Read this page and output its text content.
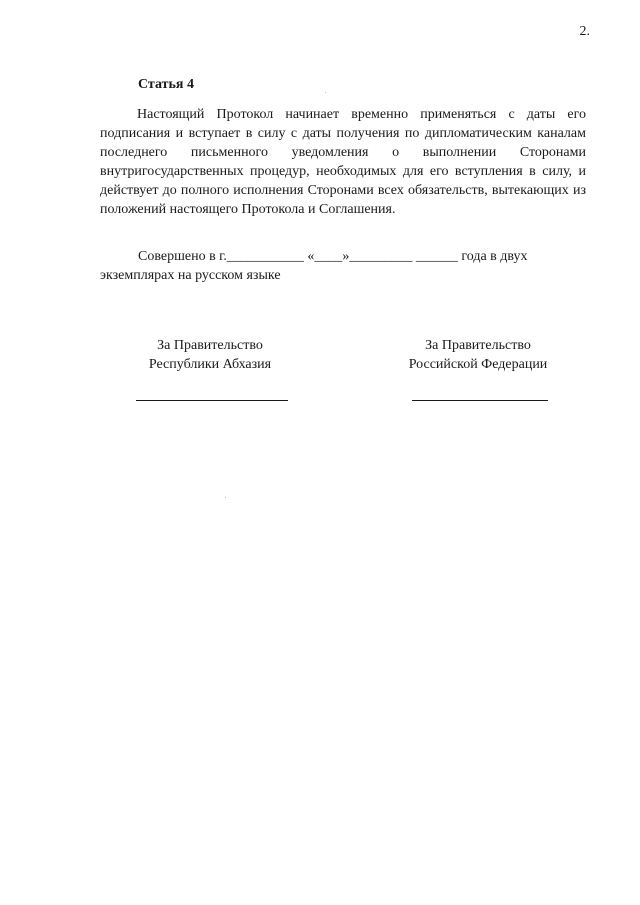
2.
Статья 4

Настоящий Протокол начинает временно применяться с даты его подписания и вступает в силу с даты получения по дипломатическим каналам последнего письменного уведомления о выполнении Сторонами внутригосударственных процедур, необходимых для его вступления в силу, и действует до полного исполнения Сторонами всех обязательств, вытекающих из положений настоящего Протокола и Соглашения.

Совершено в г.___________ «____»_________ ______ года в двух
экземплярах на русском языке

За Правительство
Республики Абхазия
За Правительство
Российской Федерации
